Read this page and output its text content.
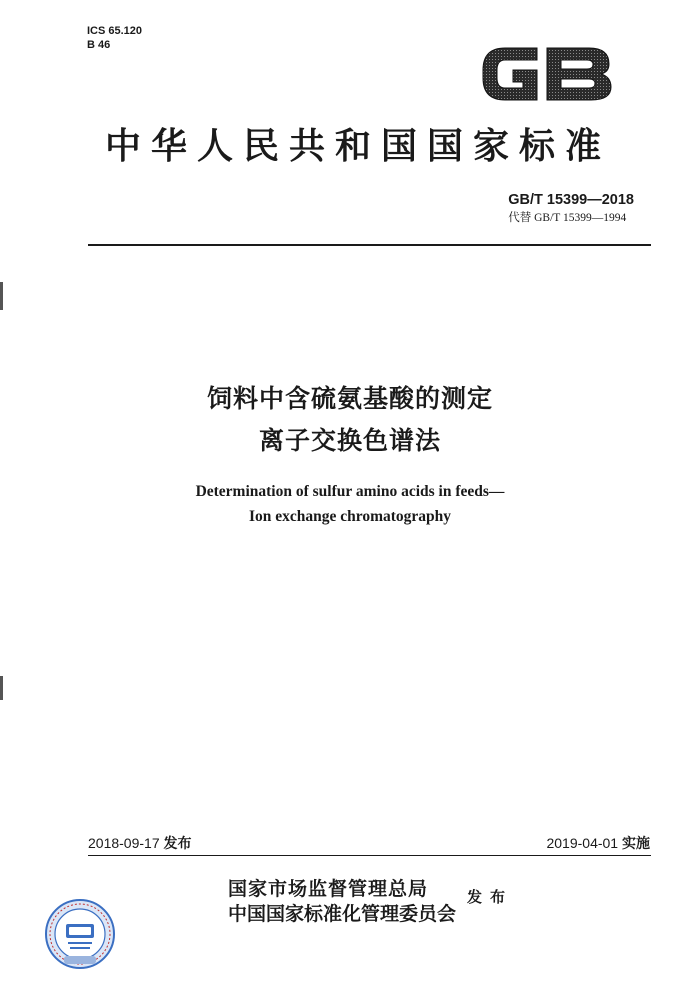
ICS 65.120
B 46
中华人民共和国国家标准
GB/T 15399—2018
代替 GB/T 15399—1994
饲料中含硫氨基酸的测定
离子交换色谱法
Determination of sulfur amino acids in feeds—
Ion exchange chromatography
2018-09-17 发布	2019-04-01 实施
国家市场监督管理总局
中国国家标准化管理委员会
发布
